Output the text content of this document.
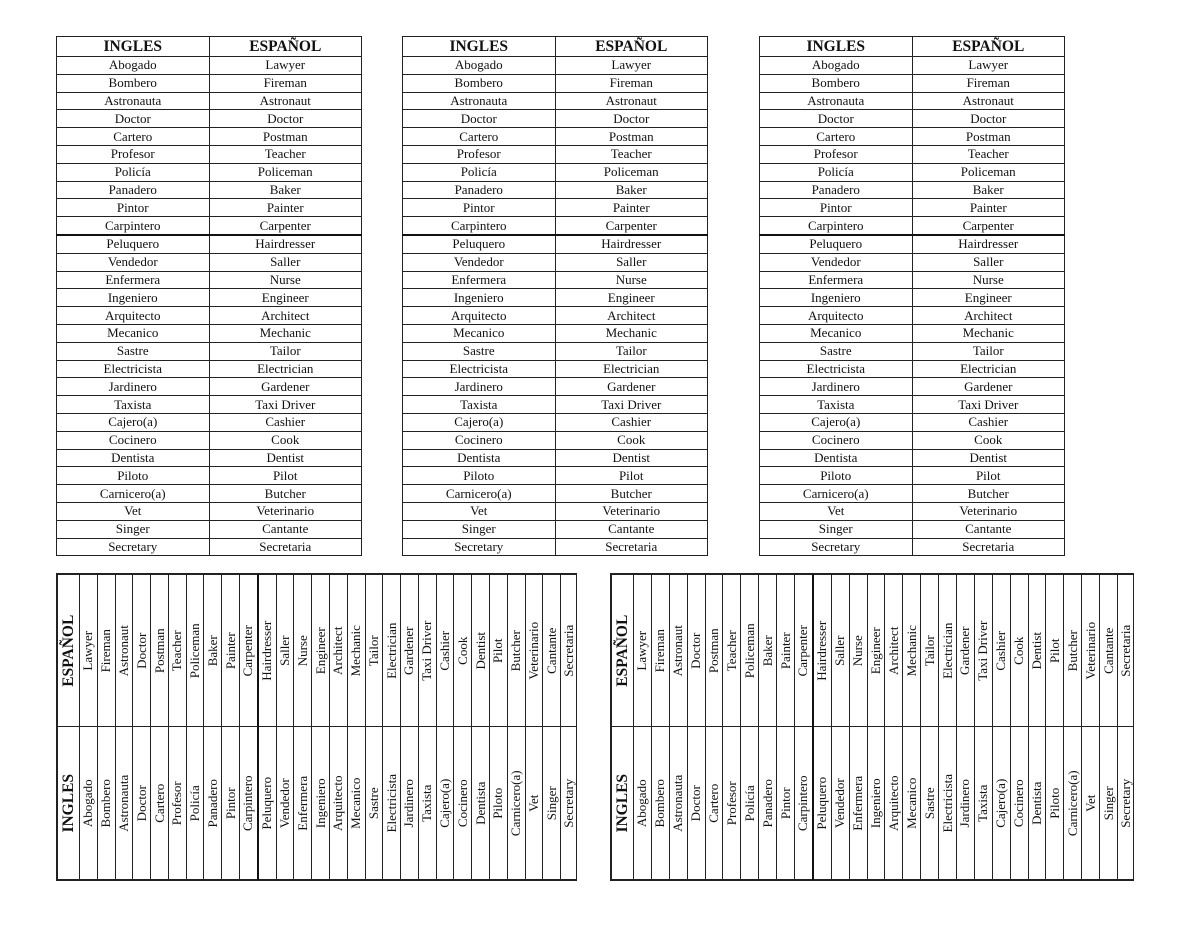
INGLES	ESPAÑOL
Abogado	Lawyer
Bombero	Fireman
Astronauta	Astronaut
Doctor	Doctor
Cartero	Postman
Profesor	Teacher
Policía	Policeman
Panadero	Baker
Pintor	Painter
Carpintero	Carpenter
Peluquero	Hairdresser
Vendedor	Saller
Enfermera	Nurse
Ingeniero	Engineer
Arquitecto	Architect
Mecanico	Mechanic
Sastre	Tailor
Electricista	Electrician
Jardinero	Gardener
Taxista	Taxi Driver
Cajero(a)	Cashier
Cocinero	Cook
Dentista	Dentist
Piloto	Pilot
Carnicero(a)	Butcher
Vet	Veterinario
Singer	Cantante
Secretary	Secretaria
INGLES	ESPAÑOL
Abogado	Lawyer
Bombero	Fireman
Astronauta	Astronaut
Doctor	Doctor
Cartero	Postman
Profesor	Teacher
Policía	Policeman
Panadero	Baker
Pintor	Painter
Carpintero	Carpenter
Peluquero	Hairdresser
Vendedor	Saller
Enfermera	Nurse
Ingeniero	Engineer
Arquitecto	Architect
Mecanico	Mechanic
Sastre	Tailor
Electricista	Electrician
Jardinero	Gardener
Taxista	Taxi Driver
Cajero(a)	Cashier
Cocinero	Cook
Dentista	Dentist
Piloto	Pilot
Carnicero(a)	Butcher
Vet	Veterinario
Singer	Cantante
Secretary	Secretaria
INGLES	ESPAÑOL
Abogado	Lawyer
Bombero	Fireman
Astronauta	Astronaut
Doctor	Doctor
Cartero	Postman
Profesor	Teacher
Policía	Policeman
Panadero	Baker
Pintor	Painter
Carpintero	Carpenter
Peluquero	Hairdresser
Vendedor	Saller
Enfermera	Nurse
Ingeniero	Engineer
Arquitecto	Architect
Mecanico	Mechanic
Sastre	Tailor
Electricista	Electrician
Jardinero	Gardener
Taxista	Taxi Driver
Cajero(a)	Cashier
Cocinero	Cook
Dentista	Dentist
Piloto	Pilot
Carnicero(a)	Butcher
Vet	Veterinario
Singer	Cantante
Secretary	Secretaria
INGLES	ESPAÑOL
Abogado	Lawyer
Bombero	Fireman
Astronauta	Astronaut
Doctor	Doctor
Cartero	Postman
Profesor	Teacher
Policía	Policeman
Panadero	Baker
Pintor	Painter
Carpintero	Carpenter
Peluquero	Hairdresser
Vendedor	Saller
Enfermera	Nurse
Ingeniero	Engineer
Arquitecto	Architect
Mecanico	Mechanic
Sastre	Tailor
Electricista	Electrician
Jardinero	Gardener
Taxista	Taxi Driver
Cajero(a)	Cashier
Cocinero	Cook
Dentista	Dentist
Piloto	Pilot
Carnicero(a)	Butcher
Vet	Veterinario
Singer	Cantante
Secretary	Secretaria
INGLES	ESPAÑOL
Abogado	Lawyer
Bombero	Fireman
Astronauta	Astronaut
Doctor	Doctor
Cartero	Postman
Profesor	Teacher
Policía	Policeman
Panadero	Baker
Pintor	Painter
Carpintero	Carpenter
Peluquero	Hairdresser
Vendedor	Saller
Enfermera	Nurse
Ingeniero	Engineer
Arquitecto	Architect
Mecanico	Mechanic
Sastre	Tailor
Electricista	Electrician
Jardinero	Gardener
Taxista	Taxi Driver
Cajero(a)	Cashier
Cocinero	Cook
Dentista	Dentist
Piloto	Pilot
Carnicero(a)	Butcher
Vet	Veterinario
Singer	Cantante
Secretary	Secretaria
